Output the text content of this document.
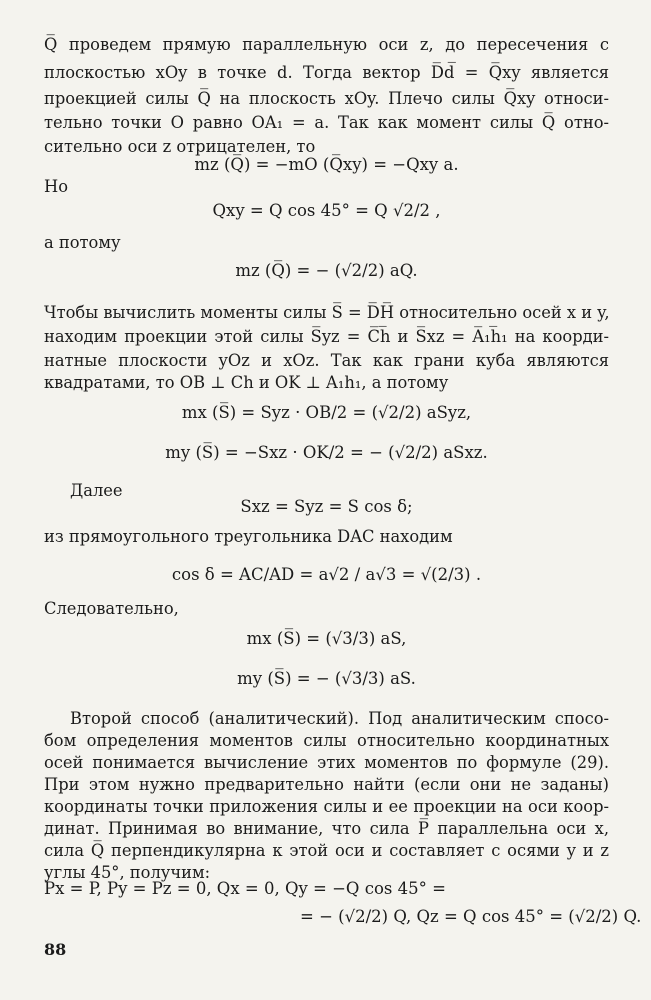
Q̅ проведем прямую параллельную оси z, до пересечения с
плоскостью xOy в точке d. Тогда вектор D̅d̅ = Q̅xy является
проекцией силы Q̅ на плоскость xOy. Плечо силы Q̅xy относи-
тельно точки O равно OA₁ = a. Так как момент силы Q̅ отно-
сительно оси z отрицателен, то
mz (Q̅) = −mO (Q̅xy) = −Qxy a.
Но
Qxy = Q cos 45° = Q √2/2 ,
а потому
mz (Q̅) = − (√2/2) aQ.
Чтобы вычислить моменты силы S̅ = D̅H̅ относительно осей x и y,
находим проекции этой силы S̅yz = C̅h̅ и S̅xz = A̅₁h̅₁ на коорди-
натные плоскости yOz и xOz. Так как грани куба являются
квадратами, то OB ⊥ Ch и OK ⊥ A₁h₁, а потому
mx (S̅) = Syz · OB/2 = (√2/2) aSyz,
my (S̅) = −Sxz · OK/2 = − (√2/2) aSxz.
Далее
Sxz = Syz = S cos δ;
из прямоугольного треугольника DAC находим
cos δ = AC/AD = a√2 / a√3 = √(2/3) .
Следовательно,
mx (S̅) = (√3/3) aS,
my (S̅) = − (√3/3) aS.
Второй способ (аналитический). Под аналитическим спосо-
бом определения моментов силы относительно координатных
осей понимается вычисление этих моментов по формуле (29).
При этом нужно предварительно найти (если они не заданы)
координаты точки приложения силы и ее проекции на оси коор-
динат. Принимая во внимание, что сила P̅ параллельна оси x,
сила Q̅ перпендикулярна к этой оси и составляет с осями y и z
углы 45°, получим:
Px = P, Py = Pz = 0, Qx = 0, Qy = −Q cos 45° =
= − (√2/2) Q, Qz = Q cos 45° = (√2/2) Q.
88
